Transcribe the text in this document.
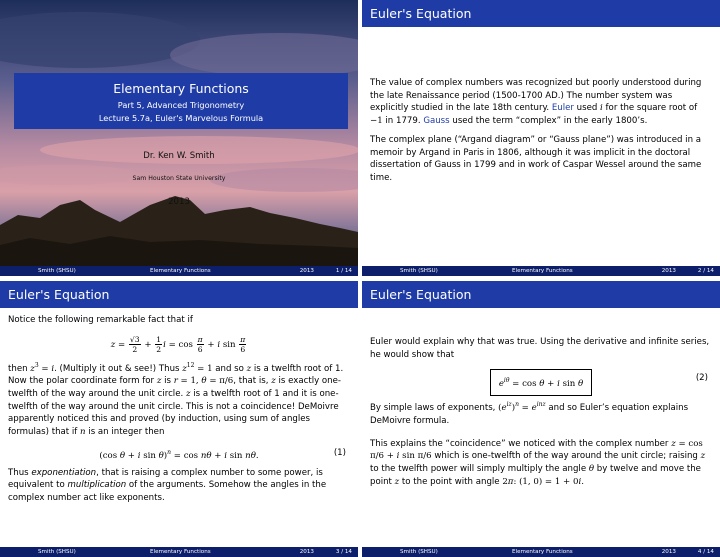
Elementary Functions
Part 5, Advanced Trigonometry
Lecture 5.7a, Euler's Marvelous Formula
Dr. Ken W. Smith
Sam Houston State University
2013
Smith (SHSU)	Elementary Functions	2013	1 / 14
Euler's Equation

The value of complex numbers was recognized but poorly understood during the late Renaissance period (1500-1700 AD.) The number system was explicitly studied in the late 18th century. Euler used i for the square root of −1 in 1779. Gauss used the term “complex” in the early 1800’s.

The complex plane (“Argand diagram” or “Gauss plane”) was introduced in a memoir by Argand in Paris in 1806, although it was implicit in the doctoral dissertation of Gauss in 1799 and in work of Caspar Wessel around the same time.

Smith (SHSU)	Elementary Functions	2013	2 / 14
Euler's Equation

Notice the following remarkable fact that if

$z = \frac{√3}{2} + \frac{1}{2}$ $i = \cos \frac{\pi}{6} + i$ $\sin \frac{\pi}{6}$

then $z^3 = i$. (Multiply it out & see!) Thus $z^{12} = 1$ and so z is a twelfth root of 1.

Now the polar coordinate form for z is r = 1, θ = π/6, that is, z is exactly one-twelfth of the way around the unit circle. z is a twelfth root of 1 and it is one-twelfth of the way around the unit circle. This is not a coincidence! DeMoivre apparently noticed this and proved (by induction, using sum of angles formulas) that if n is an integer then

(cos θ + i sin θ)$^n$ = cos nθ + i sin nθ.	(1)

Thus exponentiation, that is raising a complex number to some power, is equivalent to multiplication of the arguments. Somehow the angles in the complex number act like exponents.

Smith (SHSU)	Elementary Functions	2013	3 / 14
Euler's Equation

Euler would explain why that was true. Using the derivative and infinite series, he would show that

$e^{i\theta} = \cos \theta + i$ sin θ
(2)

By simple laws of exponents, $(e^{iz})^n = e^{inz}$ and so Euler’s equation explains DeMoivre formula.

This explains the “coincidence” we noticed with the complex number z = cos π/6 + i sin π/6 which is one-twelfth of the way around the unit circle; raising z to the twelfth power will simply multiply the angle θ by twelve and move the point z to the point with angle 2π: (1, 0) = 1 + 0i.

Smith (SHSU)	Elementary Functions	2013	4 / 14
